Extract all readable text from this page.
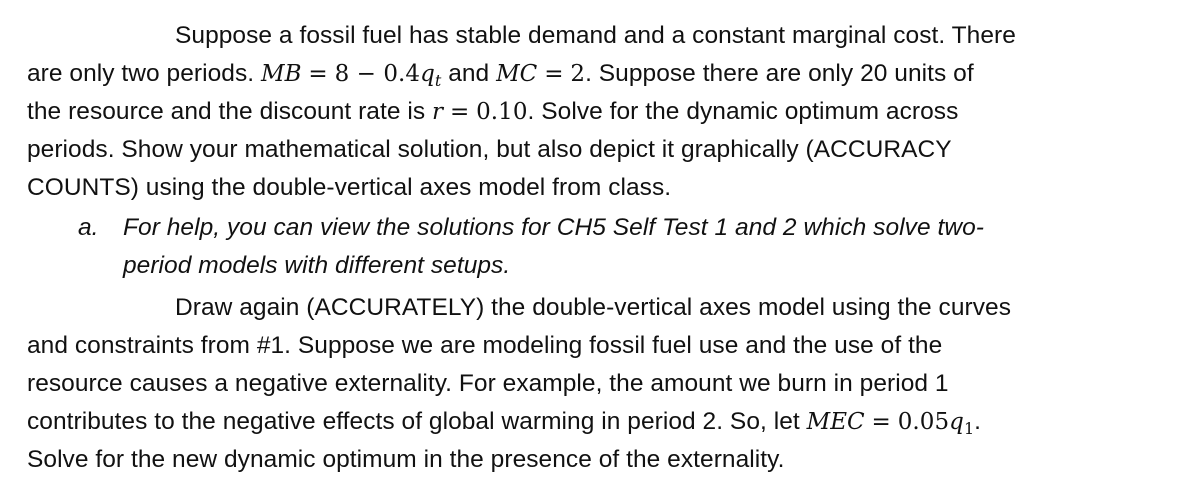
Suppose a fossil fuel has stable demand and a constant marginal cost. There
are only two periods. MB = $8 - 0.4q_t$ and MC = 2. Suppose there are only 20 units of
the resource and the discount rate is r = 0.10. Solve for the dynamic optimum across
periods. Show your mathematical solution, but also depict it graphically (ACCURACY
COUNTS) using the double-vertical axes model from class.
a. For help, you can view the solutions for CH5 Self Test 1 and 2 which solve two-
period models with different setups.
Draw again (ACCURATELY) the double-vertical axes model using the curves
and constraints from #1. Suppose we are modeling fossil fuel use and the use of the
resource causes a negative externality. For example, the amount we burn in period 1
contributes to the negative effects of global warming in period 2. So, let MEC = $0.05q_1$.
Solve for the new dynamic optimum in the presence of the externality.
